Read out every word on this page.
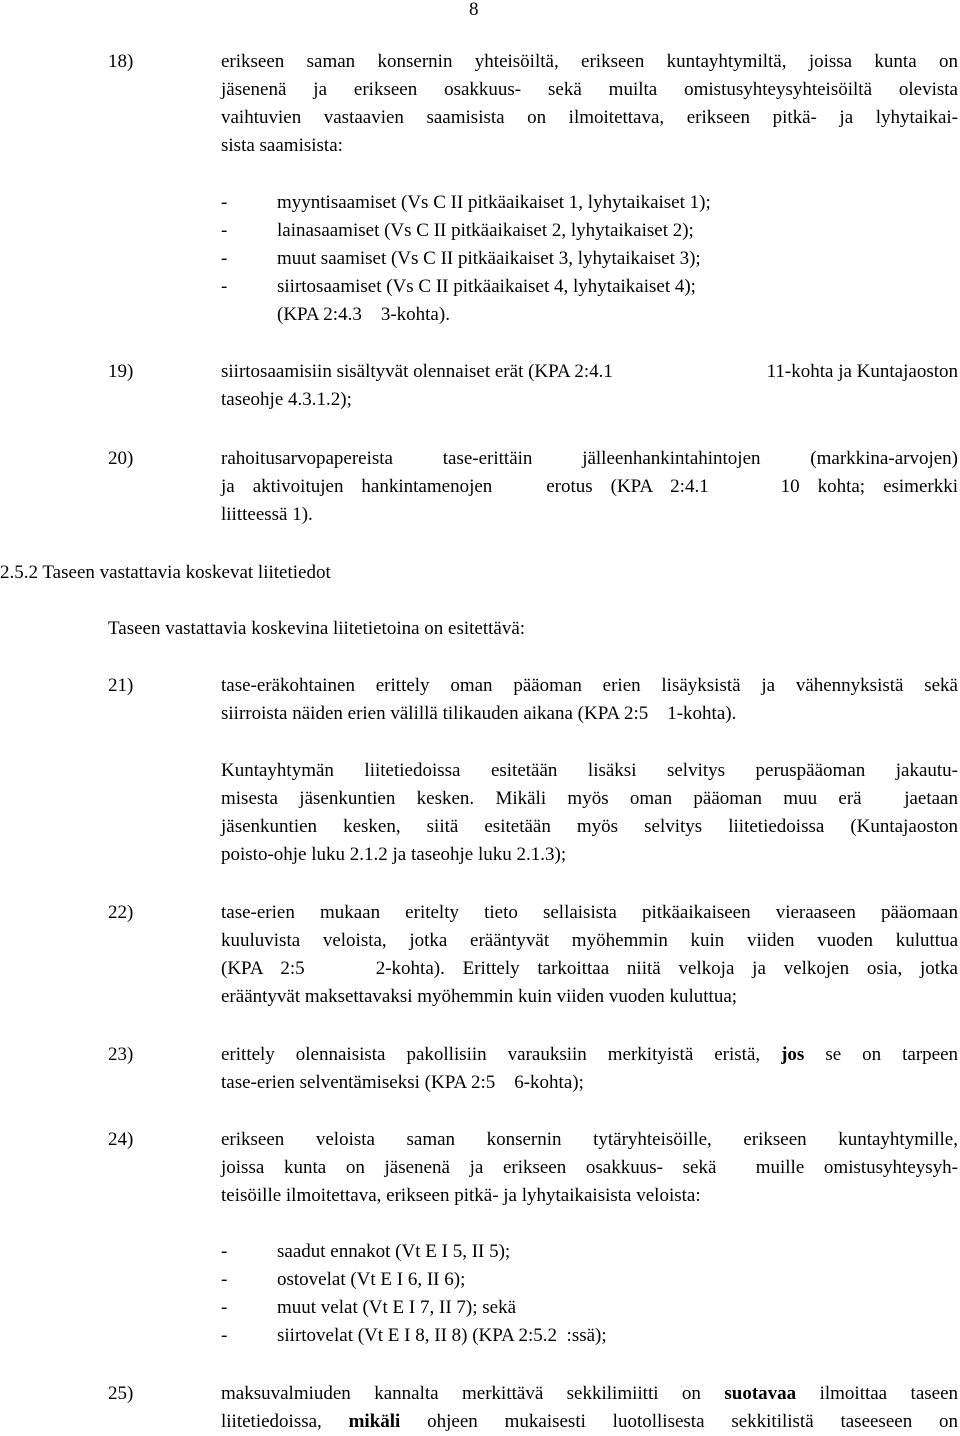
8

18)	erikseen saman konsernin yhteisöiltä, erikseen kuntayhtymiltä, joissa kunta on
jäsenenä ja erikseen osakkuus- sekä muilta omistusyhteysyhteisöiltä olevista
vaihtuvien vastaavien saamisista on ilmoitettava, erikseen pitkä- ja lyhytaikai-
sista saamisista:
-	myyntisaamiset (Vs C II pitkäaikaiset 1, lyhytaikaiset 1);
-	lainasaamiset (Vs C II pitkäaikaiset 2, lyhytaikaiset 2);
-	muut saamiset (Vs C II pitkäaikaiset 3, lyhytaikaiset 3);
-	siirtosaamiset (Vs C II pitkäaikaiset 4, lyhytaikaiset 4);
(KPA 2:4.3    3-kohta).
19)	siirtosaamisiin sisältyvät olennaiset erät (KPA 2:4.1	11-kohta ja Kuntajaoston
taseohje 4.3.1.2);
20)	rahoitusarvopapereista tase-erittäin jälleenhankintahintojen (markkina-arvojen)
ja aktivoitujen hankintamenojen   erotus (KPA 2:4.1    10 kohta; esimerkki
liitteessä 1).
2.5.2 Taseen vastattavia koskevat liitetiedot

Taseen vastattavia koskevina liitetietoina on esitettävä:

21)	tase-eräkohtainen erittely oman pääoman erien lisäyksistä ja vähennyksistä sekä
siirroista näiden erien välillä tilikauden aikana (KPA 2:5    1-kohta).
Kuntayhtymän liitetiedoissa esitetään lisäksi selvitys peruspääoman jakautu-
misesta jäsenkuntien kesken. Mikäli myös oman pääoman muu erä  jaetaan
jäsenkuntien kesken, siitä esitetään myös selvitys liitetiedoissa (Kuntajaoston
poisto-ohje luku 2.1.2 ja taseohje luku 2.1.3);
22)	tase-erien mukaan eritelty tieto sellaisista pitkäaikaiseen vieraaseen pääomaan
kuuluvista veloista, jotka erääntyvät myöhemmin kuin viiden vuoden kuluttua
(KPA 2:5    2-kohta). Erittely tarkoittaa niitä velkoja ja velkojen osia, jotka
erääntyvät maksettavaksi myöhemmin kuin viiden vuoden kuluttua;
23)	erittely olennaisista pakollisiin varauksiin merkityistä eristä, jos se on tarpeen
tase-erien selventämiseksi (KPA 2:5    6-kohta);
24)	erikseen veloista saman konsernin tytäryhteisöille, erikseen kuntayhtymille,
joissa kunta on jäsenenä ja erikseen osakkuus- sekä  muille omistusyhteysyh-
teisöille ilmoitettava, erikseen pitkä- ja lyhytaikaisista veloista:
-	saadut ennakot (Vt E I 5, II 5);
-	ostovelat (Vt E I 6, II 6);
-	muut velat (Vt E I 7, II 7); sekä
-	siirtovelat (Vt E I 8, II 8) (KPA 2:5.2  :ssä);
25)	maksuvalmiuden kannalta merkittävä sekkilimiitti on suotavaa ilmoittaa taseen
liitetiedoissa, mikäli ohjeen mukaisesti luotollisesta sekkitilistä taseeseen on
